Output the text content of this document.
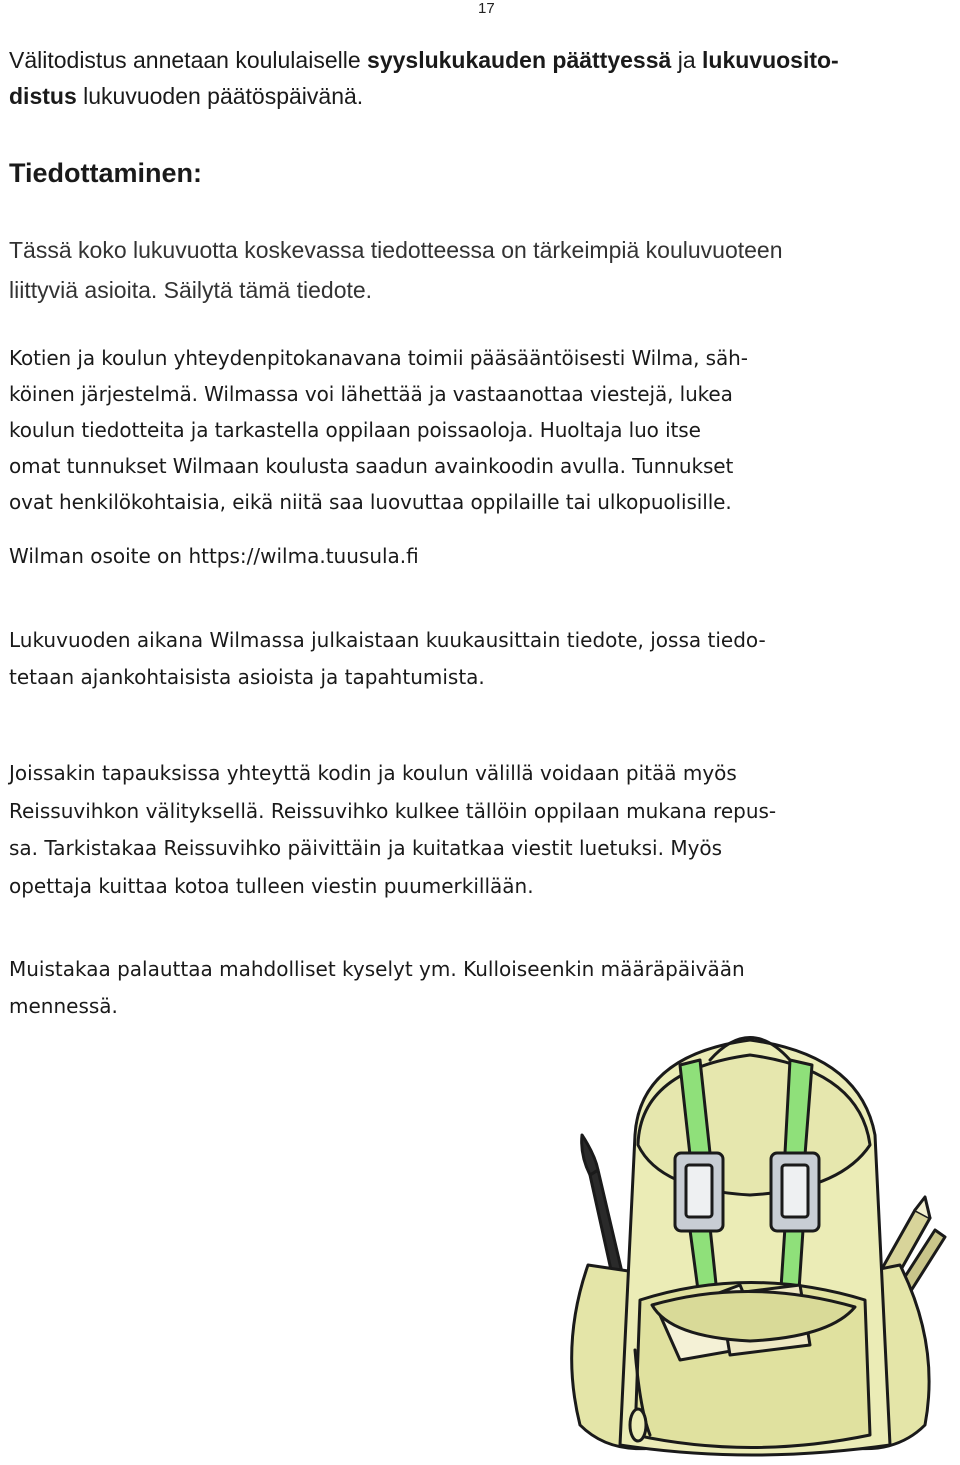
17

Välitodistus annetaan koululaiselle syyslukukauden päättyessä ja lukuvuosito-
distus lukuvuoden päätöspäivänä.

Tiedottaminen:

Tässä koko lukuvuotta koskevassa tiedotteessa on tärkeimpiä kouluvuoteen
liittyviä asioita. Säilytä tämä tiedote.

Kotien ja koulun yhteydenpitokanavana toimii pääsääntöisesti Wilma, säh-
köinen järjestelmä. Wilmassa voi lähettää ja vastaanottaa viestejä, lukea
koulun tiedotteita ja tarkastella oppilaan poissaoloja. Huoltaja luo itse
omat tunnukset Wilmaan koulusta saadun avainkoodin avulla. Tunnukset
ovat henkilökohtaisia, eikä niitä saa luovuttaa oppilaille tai ulkopuolisille.

Wilman osoite on https://wilma.tuusula.fi

Lukuvuoden aikana Wilmassa julkaistaan kuukausittain tiedote, jossa tiedo-
tetaan ajankohtaisista asioista ja tapahtumista.

Joissakin tapauksissa yhteyttä kodin ja koulun välillä voidaan pitää myös
Reissuvihkon välityksellä. Reissuvihko kulkee tällöin oppilaan mukana repus-
sa. Tarkistakaa Reissuvihko päivittäin ja kuitatkaa viestit luetuksi. Myös
opettaja kuittaa kotoa tulleen viestin puumerkillään.

Muistakaa palauttaa mahdolliset kyselyt ym. Kulloiseenkin määräpäivään
mennessä.
